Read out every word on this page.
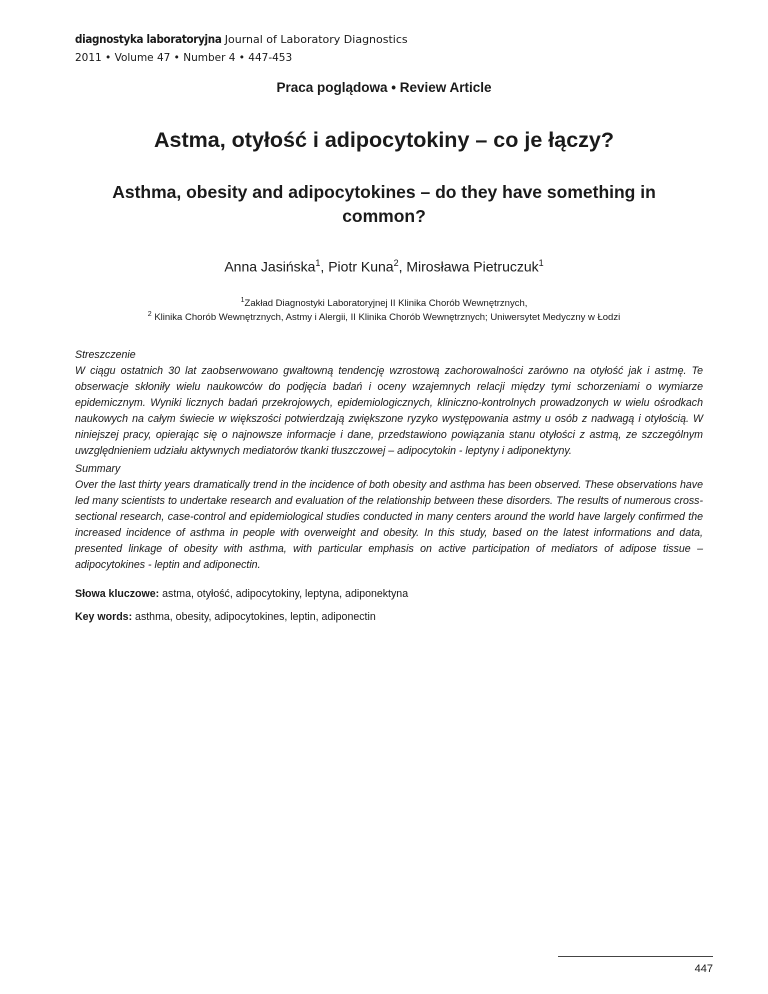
diagnostyka laboratoryjna Journal of Laboratory Diagnostics
2011 • Volume 47 • Number 4 • 447-453
Praca poglądowa • Review Article
Astma, otyłość i adipocytokiny – co je łączy?
Asthma, obesity and adipocytokines – do they have something in common?
Anna Jasińska$^1$, Piotr Kuna$^2$, Mirosława Pietruczuk$^1$
$^1$Zakład Diagnostyki Laboratoryjnej II Klinika Chorób Wewnętrznych,
$^2$ Klinika Chorób Wewnętrznych, Astmy i Alergii, II Klinika Chorób Wewnętrznych; Uniwersytet Medyczny w Łodzi
Streszczenie
W ciągu ostatnich 30 lat zaobserwowano gwałtowną tendencję wzrostową zachorowalności zarówno na otyłość jak i astmę. Te obserwacje skłoniły wielu naukowców do podjęcia badań i oceny wzajemnych relacji między tymi schorzeniami o wymiarze epidemicznym. Wyniki licznych badań przekrojowych, epidemiologicznych, kliniczno-kontrolnych prowadzonych w wielu ośrodkach naukowych na całym świecie w większości potwierdzają zwiększone ryzyko występowania astmy u osób z nadwagą i otyłością. W niniejszej pracy, opierając się o najnowsze informacje i dane, przedstawiono powiązania stanu otyłości z astmą, ze szczególnym uwzględnieniem udziału aktywnych mediatorów tkanki tłuszczowej – adipocytokin - leptyny i adiponektyny.
Summary
Over the last thirty years dramatically trend in the incidence of both obesity and asthma has been observed. These observations have led many scientists to undertake research and evaluation of the relationship between these disorders. The results of numerous cross-sectional research, case-control and epidemiological studies conducted in many centers around the world have largely confirmed the increased incidence of asthma in people with overweight and obesity. In this study, based on the latest informations and data, presented linkage of obesity with asthma, with particular emphasis on active participation of mediators of adipose tissue – adipocytokines - leptin and adiponectin.
Słowa kluczowe: astma, otyłość, adipocytokiny, leptyna, adiponektyna
Key words: asthma, obesity, adipocytokines, leptin, adiponectin
447
